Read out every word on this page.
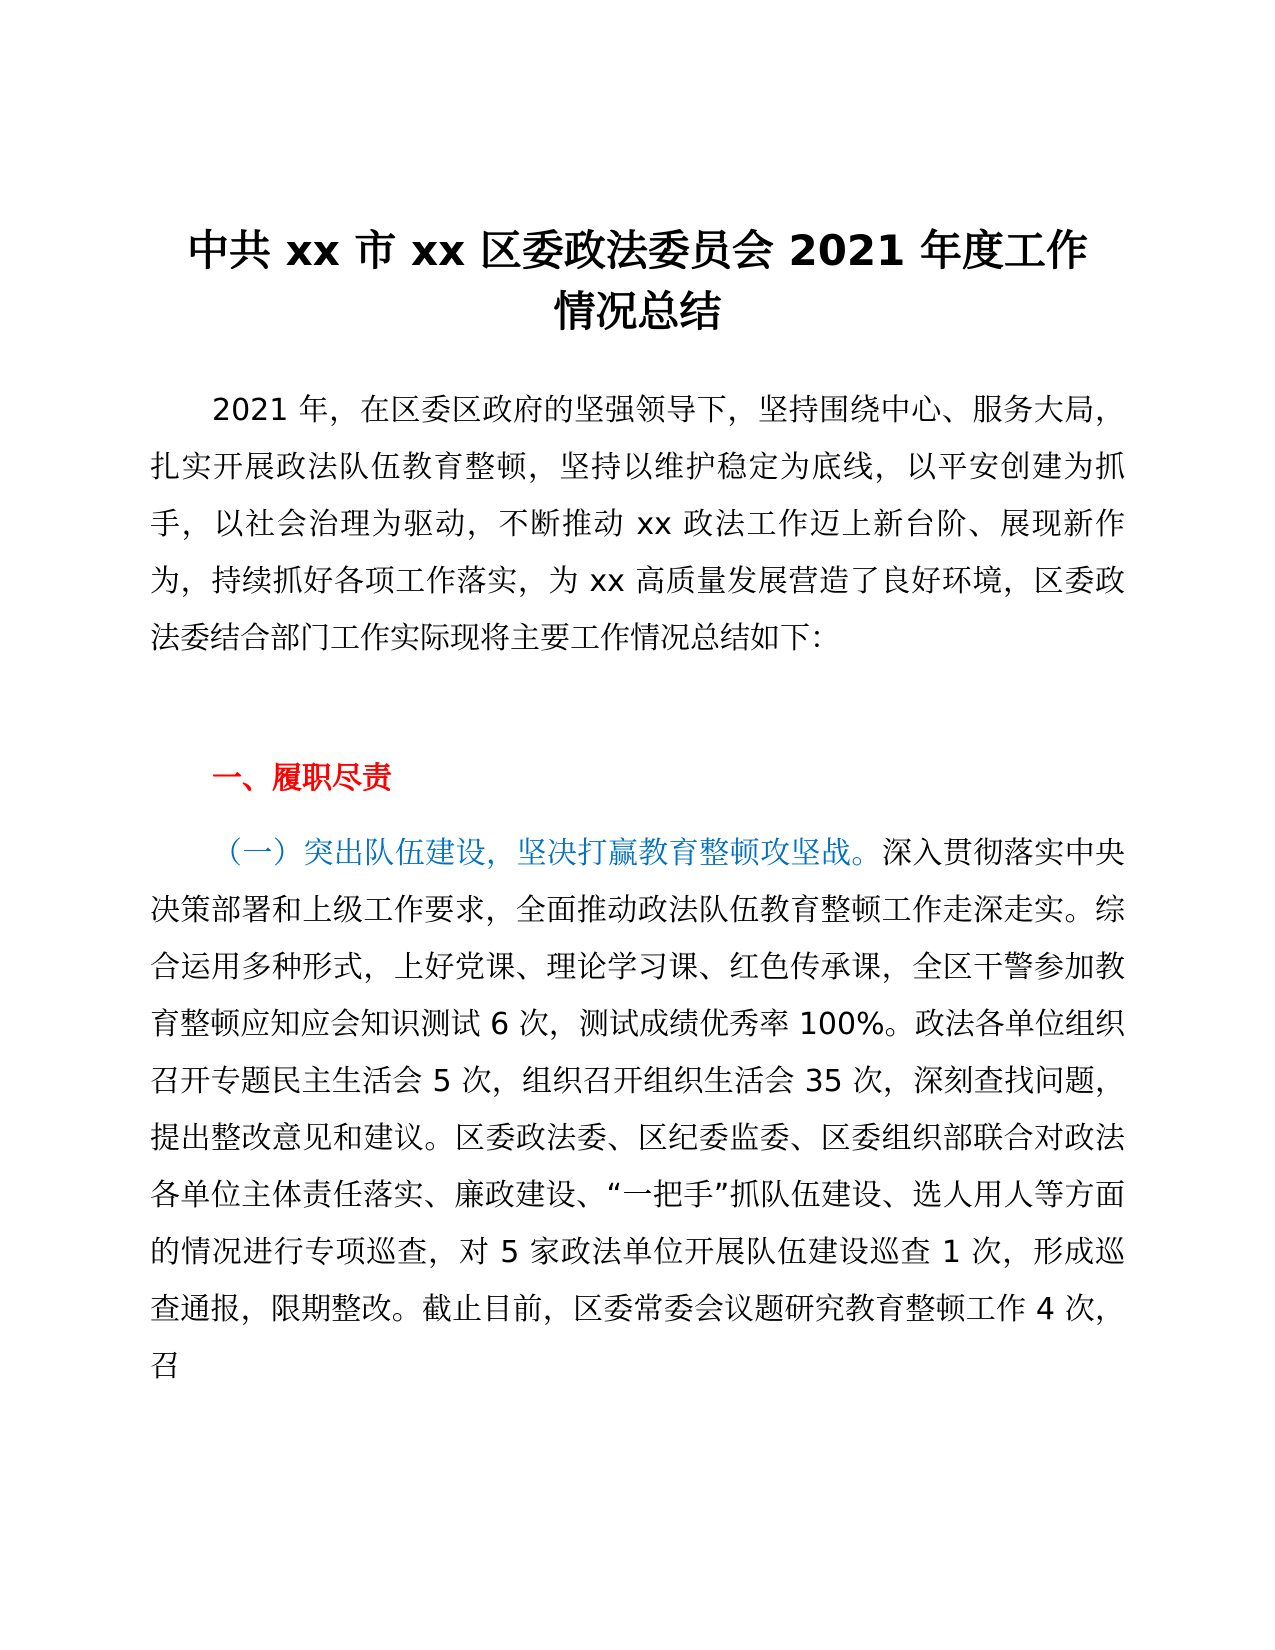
中共 xx 市 xx 区委政法委员会 2021 年度工作
情况总结

2021 年，在区委区政府的坚强领导下，坚持围绕中心、服务大局，扎实开展政法队伍教育整顿，坚持以维护稳定为底线，以平安创建为抓手，以社会治理为驱动，不断推动 xx 政法工作迈上新台阶、展现新作为，持续抓好各项工作落实，为 xx 高质量发展营造了良好环境，区委政法委结合部门工作实际现将主要工作情况总结如下：

一、履职尽责

（一）突出队伍建设，坚决打赢教育整顿攻坚战。深入贯彻落实中央决策部署和上级工作要求，全面推动政法队伍教育整顿工作走深走实。综合运用多种形式，上好党课、理论学习课、红色传承课，全区干警参加教育整顿应知应会知识测试 6 次，测试成绩优秀率 100%。政法各单位组织召开专题民主生活会 5 次，组织召开组织生活会 35 次，深刻查找问题，提出整改意见和建议。区委政法委、区纪委监委、区委组织部联合对政法各单位主体责任落实、廉政建设、“一把手”抓队伍建设、选人用人等方面的情况进行专项巡查，对 5 家政法单位开展队伍建设巡查 1 次，形成巡查通报，限期整改。截止目前，区委常委会议题研究教育整顿工作 4 次，召
